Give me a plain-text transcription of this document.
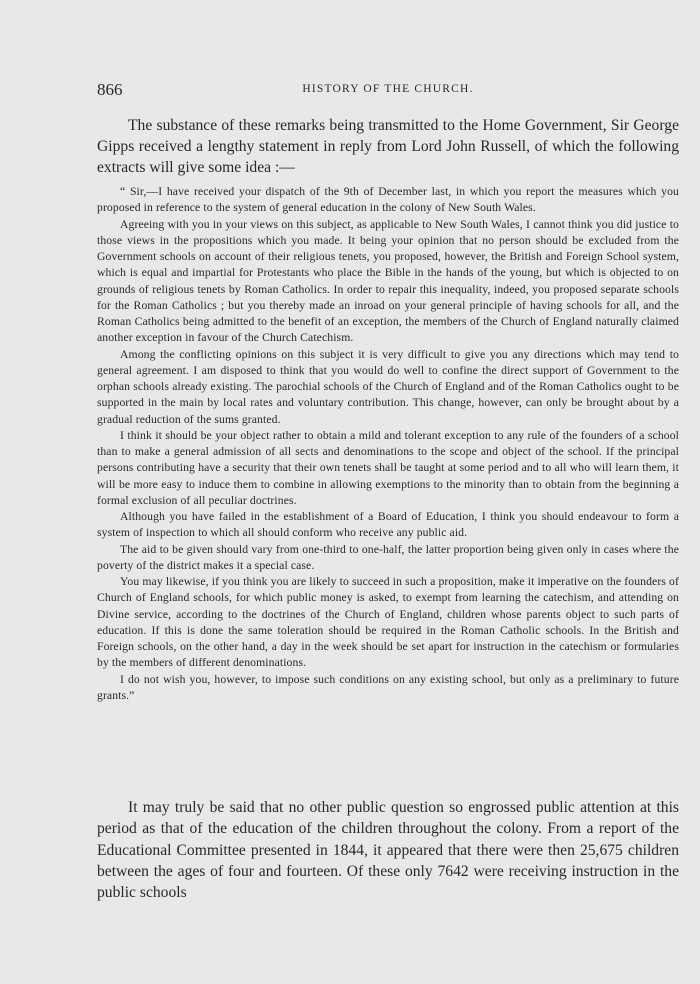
866	HISTORY OF THE CHURCH.

The substance of these remarks being transmitted to the Home Government, Sir George Gipps received a lengthy statement in reply from Lord John Russell, of which the following extracts will give some idea :—

“ Sir,—I have received your dispatch of the 9th of December last, in which you report the measures which you proposed in reference to the system of general education in the colony of New South Wales.

Agreeing with you in your views on this subject, as applicable to New South Wales, I cannot think you did justice to those views in the propositions which you made. It being your opinion that no person should be excluded from the Government schools on account of their religious tenets, you proposed, however, the British and Foreign School system, which is equal and impartial for Protestants who place the Bible in the hands of the young, but which is objected to on grounds of religious tenets by Roman Catholics. In order to repair this inequality, indeed, you proposed separate schools for the Roman Catholics ; but you thereby made an inroad on your general principle of having schools for all, and the Roman Catholics being admitted to the benefit of an exception, the members of the Church of England naturally claimed another exception in favour of the Church Catechism.

Among the conflicting opinions on this subject it is very difficult to give you any directions which may tend to general agreement. I am disposed to think that you would do well to confine the direct support of Government to the orphan schools already existing. The parochial schools of the Church of England and of the Roman Catholics ought to be supported in the main by local rates and voluntary contribution. This change, however, can only be brought about by a gradual reduction of the sums granted.

I think it should be your object rather to obtain a mild and tolerant exception to any rule of the founders of a school than to make a general admission of all sects and denominations to the scope and object of the school. If the principal persons contributing have a security that their own tenets shall be taught at some period and to all who will learn them, it will be more easy to induce them to combine in allowing exemptions to the minority than to obtain from the beginning a formal exclusion of all peculiar doctrines.

Although you have failed in the establishment of a Board of Education, I think you should endeavour to form a system of inspection to which all should conform who receive any public aid.

The aid to be given should vary from one-third to one-half, the latter proportion being given only in cases where the poverty of the district makes it a special case.

You may likewise, if you think you are likely to succeed in such a proposition, make it imperative on the founders of Church of England schools, for which public money is asked, to exempt from learning the catechism, and attending on Divine service, according to the doctrines of the Church of England, children whose parents object to such parts of education. If this is done the same toleration should be required in the Roman Catholic schools. In the British and Foreign schools, on the other hand, a day in the week should be set apart for instruction in the catechism or formularies by the members of different denominations.

I do not wish you, however, to impose such conditions on any existing school, but only as a preliminary to future grants.”

It may truly be said that no other public question so engrossed public attention at this period as that of the education of the children throughout the colony. From a report of the Educational Committee presented in 1844, it appeared that there were then 25,675 children between the ages of four and fourteen. Of these only 7642 were receiving instruction in the public schools
